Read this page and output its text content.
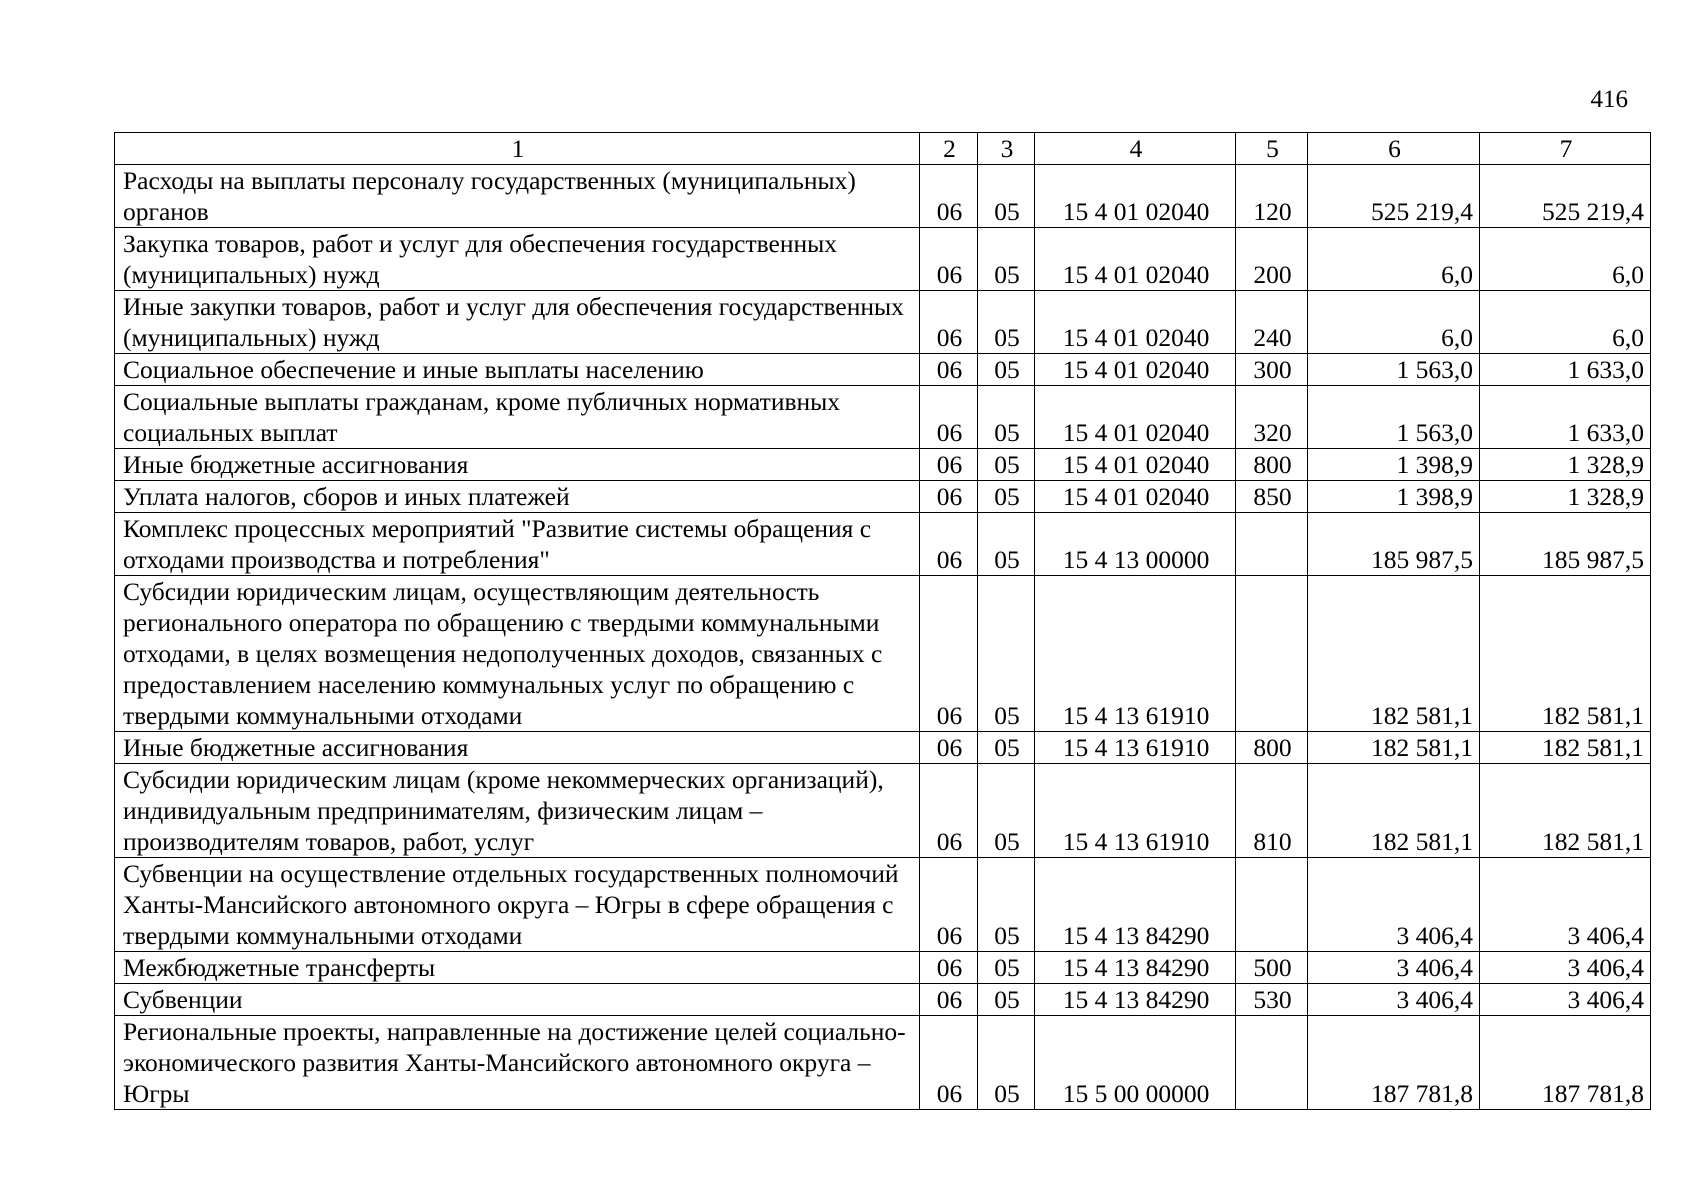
416
1	2	3	4	5	6	7
Расходы на выплаты персоналу государственных (муниципальных) органов	06	05	15 4 01 02040	120	525 219,4	525 219,4
Закупка товаров, работ и услуг для обеспечения государственных (муниципальных) нужд	06	05	15 4 01 02040	200	6,0	6,0
Иные закупки товаров, работ и услуг для обеспечения государственных (муниципальных) нужд	06	05	15 4 01 02040	240	6,0	6,0
Социальное обеспечение и иные выплаты населению	06	05	15 4 01 02040	300	1 563,0	1 633,0
Социальные выплаты гражданам, кроме публичных нормативных социальных выплат	06	05	15 4 01 02040	320	1 563,0	1 633,0
Иные бюджетные ассигнования	06	05	15 4 01 02040	800	1 398,9	1 328,9
Уплата налогов, сборов и иных платежей	06	05	15 4 01 02040	850	1 398,9	1 328,9
Комплекс процессных мероприятий "Развитие системы обращения с отходами производства и потребления"	06	05	15 4 13 00000		185 987,5	185 987,5
Субсидии юридическим лицам, осуществляющим деятельность регионального оператора по обращению с твердыми коммунальными отходами, в целях возмещения недополученных доходов, связанных с предоставлением населению коммунальных услуг по обращению с твердыми коммунальными отходами	06	05	15 4 13 61910		182 581,1	182 581,1
Иные бюджетные ассигнования	06	05	15 4 13 61910	800	182 581,1	182 581,1
Субсидии юридическим лицам (кроме некоммерческих организаций), индивидуальным предпринимателям, физическим лицам – производителям товаров, работ, услуг	06	05	15 4 13 61910	810	182 581,1	182 581,1
Субвенции на осуществление отдельных государственных полномочий Ханты-Мансийского автономного округа – Югры в сфере обращения с твердыми коммунальными отходами	06	05	15 4 13 84290		3 406,4	3 406,4
Межбюджетные трансферты	06	05	15 4 13 84290	500	3 406,4	3 406,4
Субвенции	06	05	15 4 13 84290	530	3 406,4	3 406,4
Региональные проекты, направленные на достижение целей социально-экономического развития Ханты-Мансийского автономного округа – Югры	06	05	15 5 00 00000		187 781,8	187 781,8
